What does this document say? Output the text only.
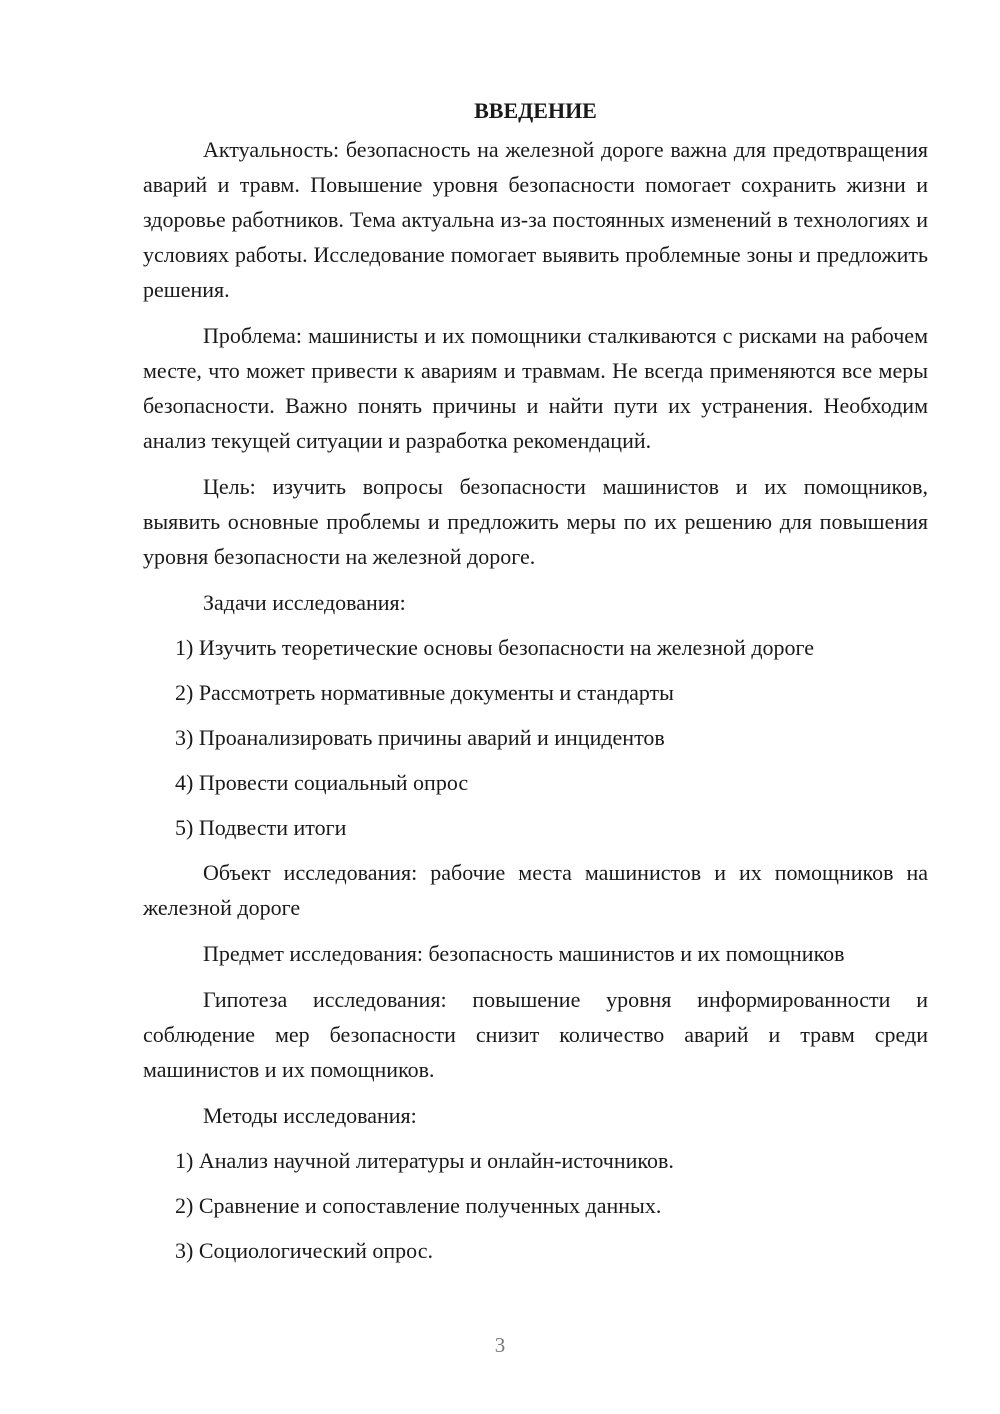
ВВЕДЕНИЕ

Актуальность: безопасность на железной дороге важна для предотвращения аварий и травм. Повышение уровня безопасности помогает сохранить жизни и здоровье работников. Тема актуальна из-за постоянных изменений в технологиях и условиях работы. Исследование помогает выявить проблемные зоны и предложить решения.

Проблема: машинисты и их помощники сталкиваются с рисками на рабочем месте, что может привести к авариям и травмам. Не всегда применяются все меры безопасности. Важно понять причины и найти пути их устранения. Необходим анализ текущей ситуации и разработка рекомендаций.

Цель: изучить вопросы безопасности машинистов и их помощников, выявить основные проблемы и предложить меры по их решению для повышения уровня безопасности на железной дороге.

Задачи исследования:
1) Изучить теоретические основы безопасности на железной дороге
2) Рассмотреть нормативные документы и стандарты
3) Проанализировать причины аварий и инцидентов
4) Провести социальный опрос
5) Подвести итоги

Объект исследования: рабочие места машинистов и их помощников на железной дороге

Предмет исследования: безопасность машинистов и их помощников

Гипотеза исследования: повышение уровня информированности и соблюдение мер безопасности снизит количество аварий и травм среди машинистов и их помощников.

Методы исследования:
1) Анализ научной литературы и онлайн-источников.
2) Сравнение и сопоставление полученных данных.
3) Социологический опрос.
3
